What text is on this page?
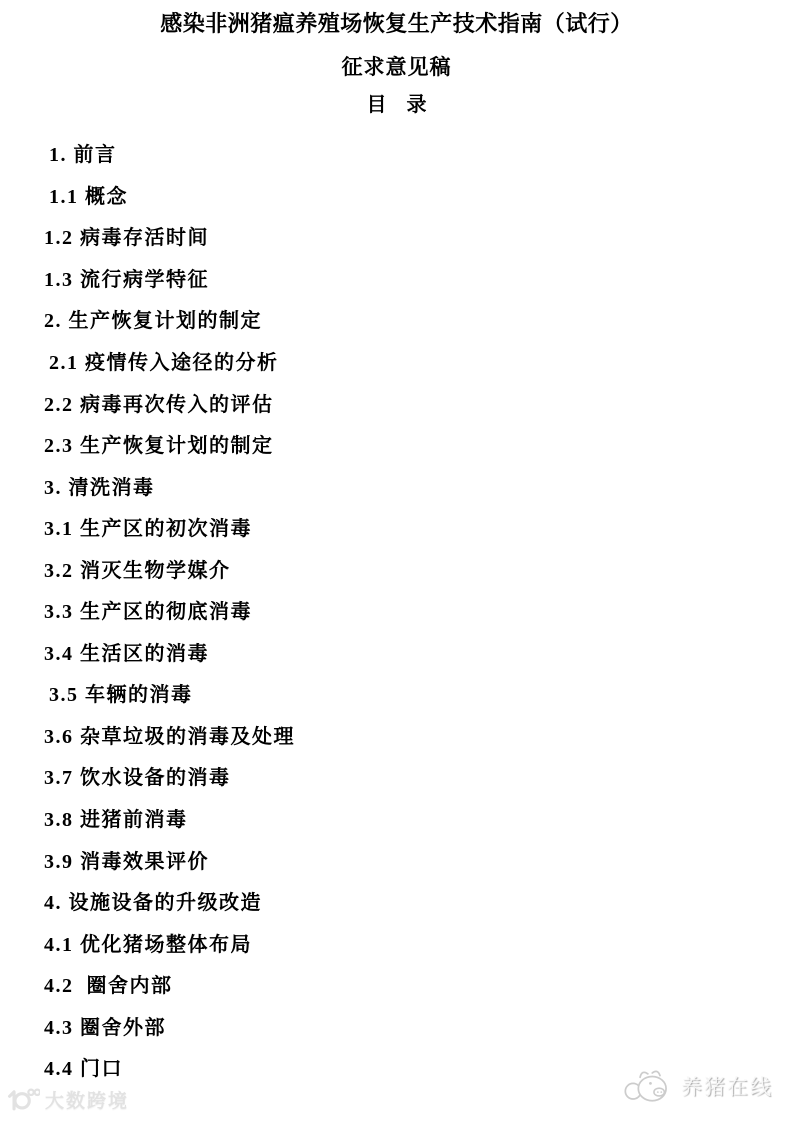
感染非洲猪瘟养殖场恢复生产技术指南（试行）
征求意见稿
目　录
1. 前言
1.1 概念
1.2 病毒存活时间
1.3 流行病学特征
2. 生产恢复计划的制定
2.1 疫情传入途径的分析
2.2 病毒再次传入的评估
2.3 生产恢复计划的制定
3. 清洗消毒
3.1 生产区的初次消毒
3.2 消灭生物学媒介
3.3 生产区的彻底消毒
3.4 生活区的消毒
3.5 车辆的消毒
3.6 杂草垃圾的消毒及处理
3.7 饮水设备的消毒
3.8 进猪前消毒
3.9 消毒效果评价
4. 设施设备的升级改造
4.1 优化猪场整体布局
4.2  圈舍内部
4.3 圈舍外部
4.4 门口
大数跨境
养猪在线
